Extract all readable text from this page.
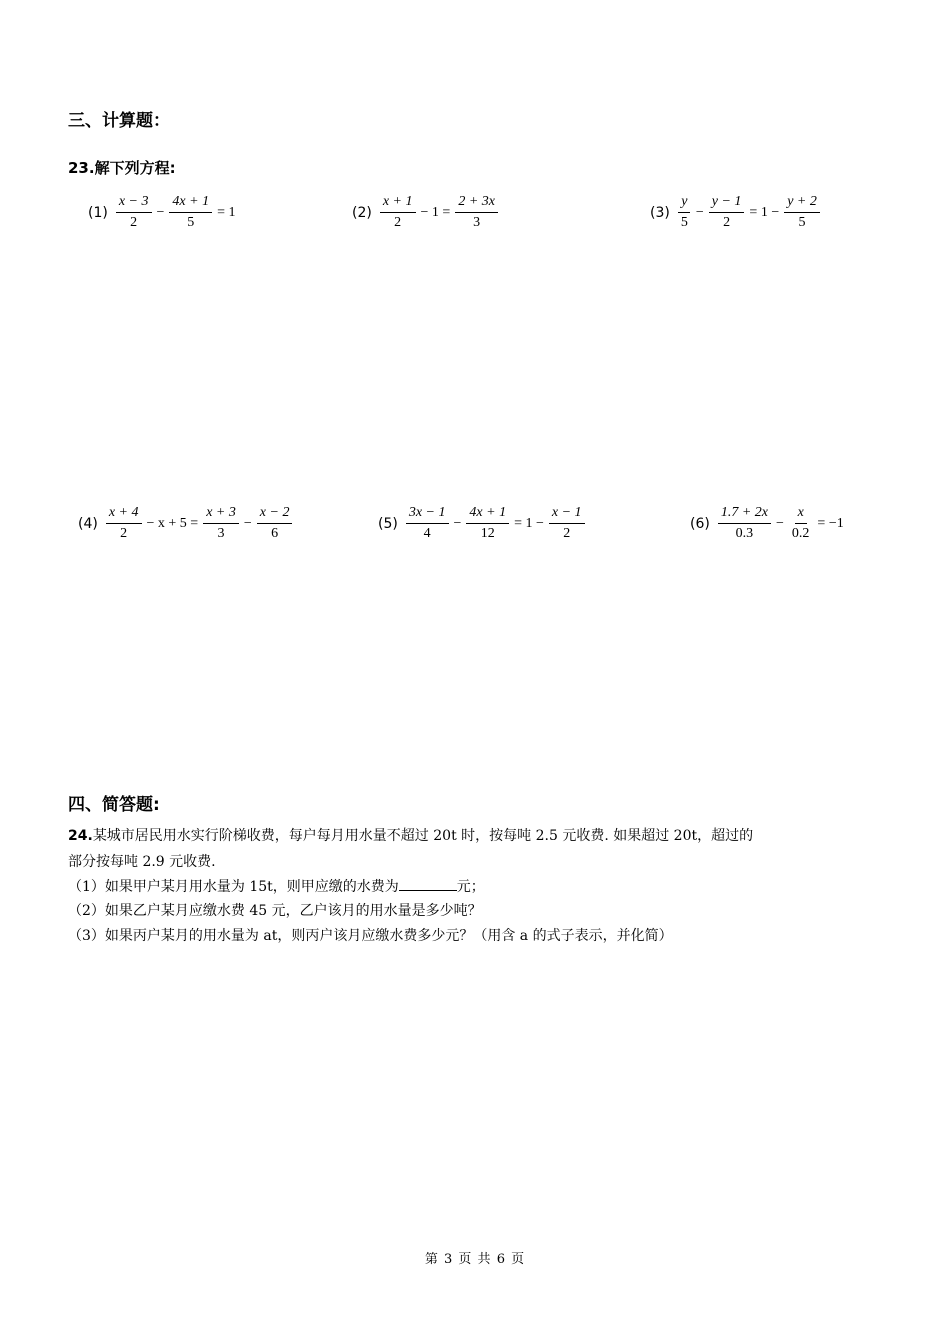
三、计算题：
23.解下列方程:
$(1) \frac{x - 3}{2} - \frac{4x + 1}{5} = 1$	$(2) \frac{x + 1}{2} - 1 = \frac{2 + 3x}{3}$	$(3) \frac{y}{5} - \frac{y - 1}{2} = 1 - \frac{y + 2}{5}$
$(4) \frac{x + 4}{2} - x + 5 = \frac{x + 3}{3} - \frac{x - 2}{6}$	$(5) \frac{3x - 1}{4} - \frac{4x + 1}{12} = 1 - \frac{x - 1}{2}$	$(6) \frac{1.7 + 2x}{0.3} - \frac{x}{0.2} = -1$
四、简答题:
24.某城市居民用水实行阶梯收费，每户每月用水量不超过 20t 时，按每吨 2.5 元收费. 如果超过 20t，超过的
部分按每吨 2.9 元收费.
（1）如果甲户某月用水量为 15t，则甲应缴的水费为	元；
（2）如果乙户某月应缴水费 45 元，乙户该月的用水量是多少吨？
（3）如果丙户某月的用水量为 at，则丙户该月应缴水费多少元？（用含 a 的式子表示，并化简）
第 3 页 共 6 页
